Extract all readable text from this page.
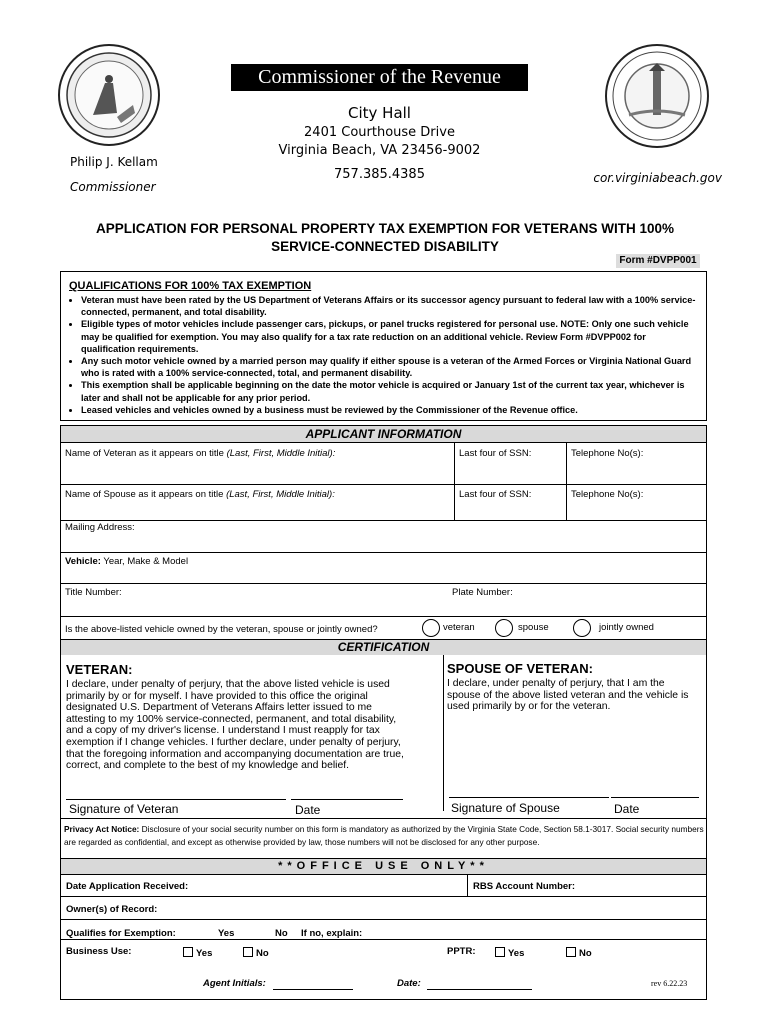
Commissioner of the Revenue
City Hall
2401 Courthouse Drive
Virginia Beach, VA 23456-9002
757.385.4385
Philip J. Kellam
Commissioner
cor.virginiabeach.gov
APPLICATION FOR PERSONAL PROPERTY TAX EXEMPTION FOR VETERANS WITH 100%
SERVICE-CONNECTED DISABILITY
Form #DVPP001
QUALIFICATIONS FOR 100% TAX EXEMPTION
• Veteran must have been rated by the US Department of Veterans Affairs or its successor agency pursuant to federal law with a 100% service-connected, permanent, and total disability.
• Eligible types of motor vehicles include passenger cars, pickups, or panel trucks registered for personal use. NOTE: Only one such vehicle may be qualified for exemption. You may also qualify for a tax rate reduction on an additional vehicle. Review Form #DVPP002 for qualification requirements.
• Any such motor vehicle owned by a married person may qualify if either spouse is a veteran of the Armed Forces or Virginia National Guard who is rated with a 100% service-connected, total, and permanent disability.
• This exemption shall be applicable beginning on the date the motor vehicle is acquired or January 1st of the current tax year, whichever is later and shall not be applicable for any prior period.
• Leased vehicles and vehicles owned by a business must be reviewed by the Commissioner of the Revenue office.
APPLICANT INFORMATION
Name of Veteran as it appears on title (Last, First, Middle Initial):	Last four of SSN:	Telephone No(s):
Name of Spouse as it appears on title (Last, First, Middle Initial):	Last four of SSN:	Telephone No(s):
Mailing Address:
Vehicle: Year, Make & Model
Title Number:	Plate Number:
Is the above-listed vehicle owned by the veteran, spouse or jointly owned?	veteran	spouse	jointly owned
CERTIFICATION
VETERAN:
I declare, under penalty of perjury, that the above listed vehicle is used primarily by or for myself. I have provided to this office the original designated U.S. Department of Veterans Affairs letter issued to me attesting to my 100% service-connected, permanent, and total disability, and a copy of my driver's license. I understand I must reapply for tax exemption if I change vehicles. I further declare, under penalty of perjury, that the foregoing information and accompanying documentation are true, correct, and complete to the best of my knowledge and belief.
SPOUSE OF VETERAN:
I declare, under penalty of perjury, that I am the spouse of the above listed veteran and the vehicle is used primarily by or for the veteran.
Signature of Veteran	Date	Signature of Spouse	Date
Privacy Act Notice: Disclosure of your social security number on this form is mandatory as authorized by the Virginia State Code, Section 58.1-3017. Social security numbers are regarded as confidential, and except as otherwise provided by law, those numbers will not be disclosed for any other purpose.
**OFFICE USE ONLY**
Date Application Received:	RBS Account Number:
Owner(s) of Record:
Qualifies for Exemption:	Yes	No If no, explain:
Business Use:	Yes	No	PPTR:	Yes	No
Agent Initials:	Date:	rev 6.22.23
